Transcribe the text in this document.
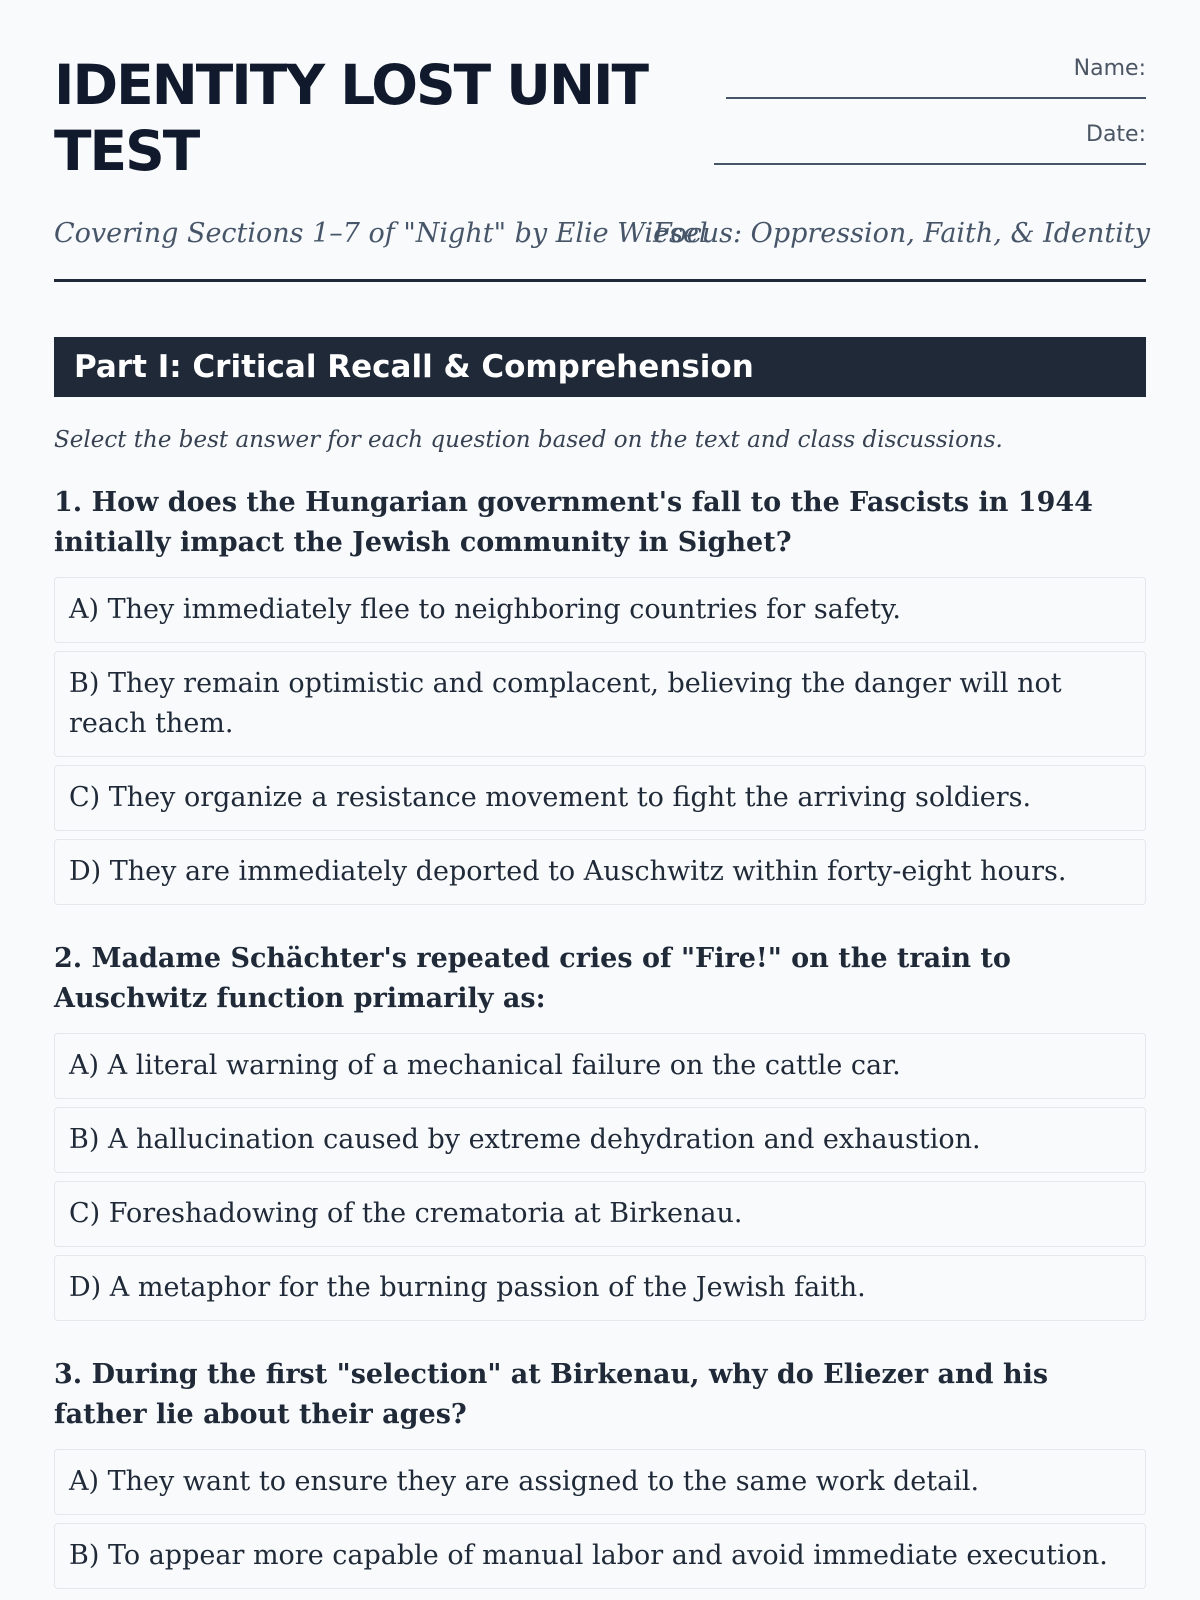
IDENTITY LOST UNIT TEST
Name:
Date:
Covering Sections 1–7 of "Night" by Elie Wiesel
Focus: Oppression, Faith, & Identity
Part I: Critical Recall & Comprehension
Select the best answer for each question based on the text and class discussions.
1. How does the Hungarian government's fall to the Fascists in 1944 initially impact the Jewish community in Sighet?
A) They immediately flee to neighboring countries for safety.
B) They remain optimistic and complacent, believing the danger will not reach them.
C) They organize a resistance movement to fight the arriving soldiers.
D) They are immediately deported to Auschwitz within forty-eight hours.
2. Madame Schächter's repeated cries of "Fire!" on the train to Auschwitz function primarily as:
A) A literal warning of a mechanical failure on the cattle car.
B) A hallucination caused by extreme dehydration and exhaustion.
C) Foreshadowing of the crematoria at Birkenau.
D) A metaphor for the burning passion of the Jewish faith.
3. During the first "selection" at Birkenau, why do Eliezer and his father lie about their ages?
A) They want to ensure they are assigned to the same work detail.
B) To appear more capable of manual labor and avoid immediate execution.
